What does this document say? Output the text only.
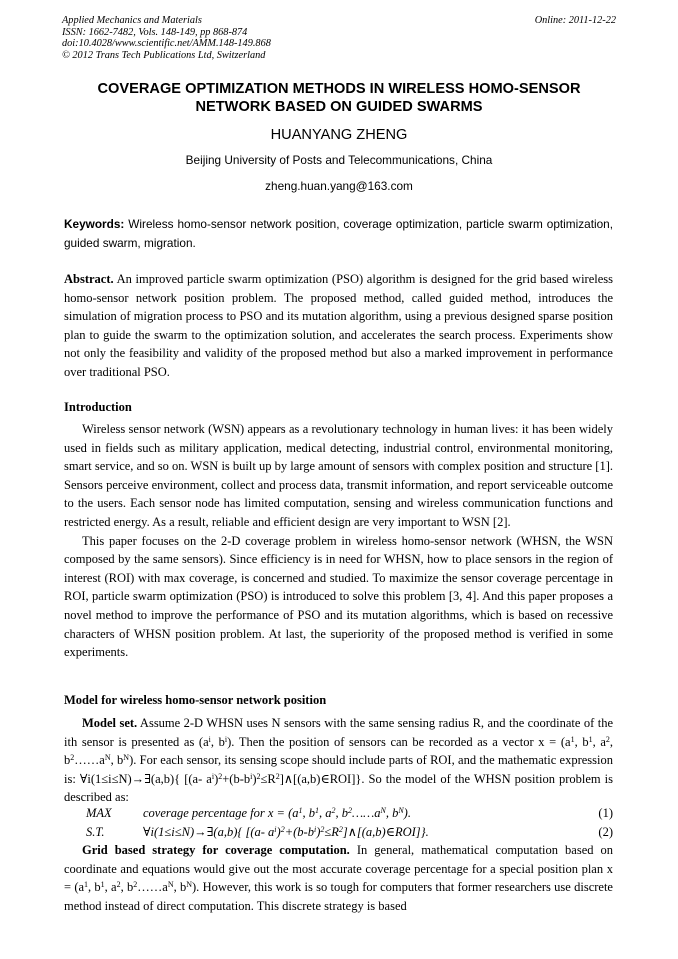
Applied Mechanics and Materials
ISSN: 1662-7482, Vols. 148-149, pp 868-874
doi:10.4028/www.scientific.net/AMM.148-149.868
© 2012 Trans Tech Publications Ltd, Switzerland
Online: 2011-12-22
COVERAGE OPTIMIZATION METHODS IN WIRELESS HOMO-SENSOR
NETWORK BASED ON GUIDED SWARMS
HUANYANG ZHENG
Beijing University of Posts and Telecommunications, China
zheng.huan.yang@163.com
Keywords: Wireless homo-sensor network position, coverage optimization, particle swarm optimization, guided swarm, migration.

Abstract. An improved particle swarm optimization (PSO) algorithm is designed for the grid based wireless homo-sensor network position problem. The proposed method, called guided method, introduces the simulation of migration process to PSO and its mutation algorithm, using a previous designed sparse position plan to guide the swarm to the optimization solution, and accelerates the search process. Experiments show not only the feasibility and validity of the proposed method but also a marked improvement in performance over traditional PSO.

Introduction

Wireless sensor network (WSN) appears as a revolutionary technology in human lives: it has been widely used in fields such as military application, medical detecting, industrial control, environmental monitoring, smart service, and so on. WSN is built up by large amount of sensors with complex position and structure [1]. Sensors perceive environment, collect and process data, transmit information, and report serviceable outcome to the users. Each sensor node has limited computation, sensing and wireless communication functions and restricted energy. As a result, reliable and efficient design are very important to WSN [2].

This paper focuses on the 2-D coverage problem in wireless homo-sensor network (WHSN, the WSN composed by the same sensors). Since efficiency is in need for WHSN, how to place sensors in the region of interest (ROI) with max coverage, is concerned and studied. To maximize the sensor coverage percentage in ROI, particle swarm optimization (PSO) is introduced to solve this problem [3, 4]. And this paper proposes a novel method to improve the performance of PSO and its mutation algorithms, which is based on recessive characters of WHSN position problem. At last, the superiority of the proposed method is verified in some experiments.

Model for wireless homo-sensor network position

Model set. Assume 2-D WHSN uses N sensors with the same sensing radius R, and the coordinate of the ith sensor is presented as ($a^i$, $b^i$). Then the position of sensors can be recorded as a vector $x = (a^1$, $b^1$, $a^2$, $b^2\dots\dots a^N$, $b^N$). For each sensor, its sensing scope should include parts of ROI, and the mathematic expression is: ∀i(1≤i≤N)→∃(a,b){ [(a- $a^i)^2+(b-b^i)^2\le R^2]\wedge[(a,b)\in ROI]$}. So the model of the WHSN position problem is described as:

MAX	coverage percentage for $x = (a^1$, $b^1$, $a^2$, $b^2\dots\dots a^N$, $b^N$).	(1)
S.T.	∀i(1≤i≤N)→∃(a,b){ [(a- $a^i)^2+(b-b^i)^2\le R^2]\wedge[(a,b)\in ROI]$}.	(2)

Grid based strategy for coverage computation. In general, mathematical computation based on coordinate and equations would give out the most accurate coverage percentage for a special position plan $x = (a^1$, $b^1$, $a^2$, $b^2\dots\dots a^N$, $b^N$). However, this work is so tough for computers that former researchers use discrete method instead of direct computation. This discrete strategy is based
